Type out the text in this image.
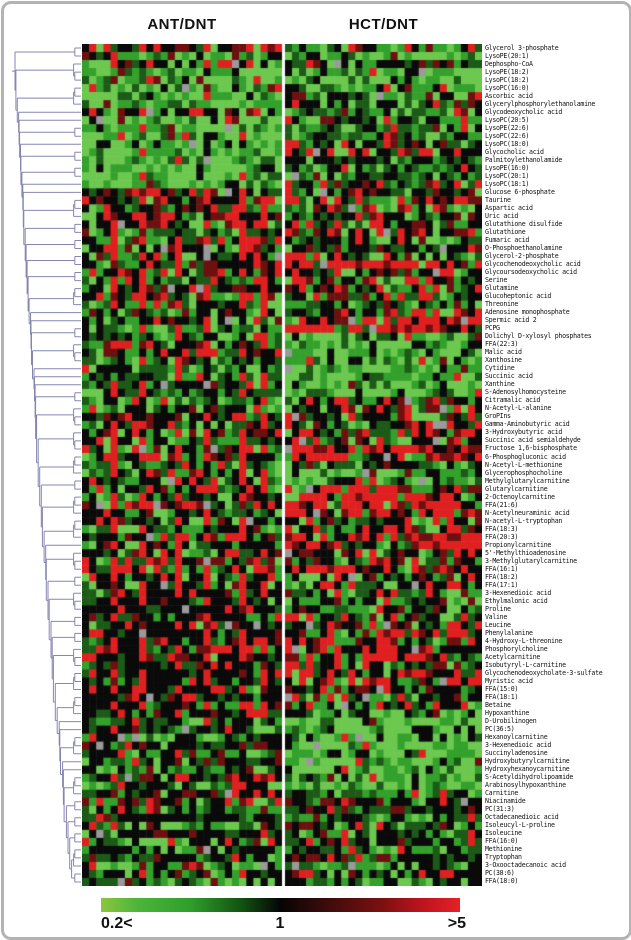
ANT/DNT	HCT/DNT
Glycerol 3-phosphate
LysoPE(20:1)
Dephospho-CoA
LysoPE(18:2)
LysoPC(18:2)
LysoPC(16:0)
Ascorbic acid
Glycerylphosphorylethanolamine
Glycodeoxycholic acid
LysoPC(20:5)
LysoPE(22:6)
LysoPC(22:6)
LysoPC(18:0)
Glycocholic acid
Palmitoylethanolamide
LysoPE(16:0)
LysoPC(20:1)
LysoPC(18:1)
Glucose 6-phosphate
Taurine
Aspartic acid
Uric acid
Glutathione disulfide
Glutathione
Fumaric acid
O-Phosphoethanolamine
Glycerol-2-phosphate
Glycochenodeoxycholic acid
Glycoursodeoxycholic acid
Serine
Glutamine
Glucoheptonic acid
Threonine
Adenosine monophosphate
Spermic acid 2
PCPG
Dolichyl D-xylosyl phosphates
FFA(22:3)
Malic acid
Xanthosine
Cytidine
Succinic acid
Xanthine
S-Adenosylhomocysteine
Citramalic acid
N-Acetyl-L-alanine
GroPIns
Gamma-Aminobutyric acid
3-Hydroxybutyric acid
Succinic acid semialdehyde
Fructose 1,6-bisphosphate
6-Phosphogluconic acid
N-Acetyl-L-methionine
Glycerophosphocholine
Methylglutarylcarnitine
Glutarylcarnitine
2-Octenoylcarnitine
FFA(21:6)
N-Acetylneuraminic acid
N-acetyl-L-tryptophan
FFA(18:3)
FFA(20:3)
Propionylcarnitine
5'-Methylthioadenosine
3-Methylglutarylcarnitine
FFA(16:1)
FFA(18:2)
FFA(17:1)
3-Hexenedioic acid
Ethylmalonic acid
Proline
Valine
Leucine
Phenylalanine
4-Hydroxy-L-threonine
Phosphorylcholine
Acetylcarnitine
Isobutyryl-L-carnitine
Glycochenodeoxycholate-3-sulfate
Myristic acid
FFA(15:0)
FFA(18:1)
Betaine
Hypoxanthine
D-Urobilinogen
PC(36:5)
Hexanoylcarnitine
3-Hexenedioic acid
Succinyladenosine
Hydroxybutyrylcarnitine
Hydroxyhexanoycarnitine
S-Acetyldihydrolipoamide
Arabinosylhypoxanthine
Carnitine
Niacinamide
PC(31:3)
Octadecanedioic acid
Isoleucyl-L-proline
Isoleucine
FFA(16:0)
Methionine
Tryptophan
3-Oxooctadecanoic acid
PC(38:6)
FFA(18:0)
0.2<	1	>5
